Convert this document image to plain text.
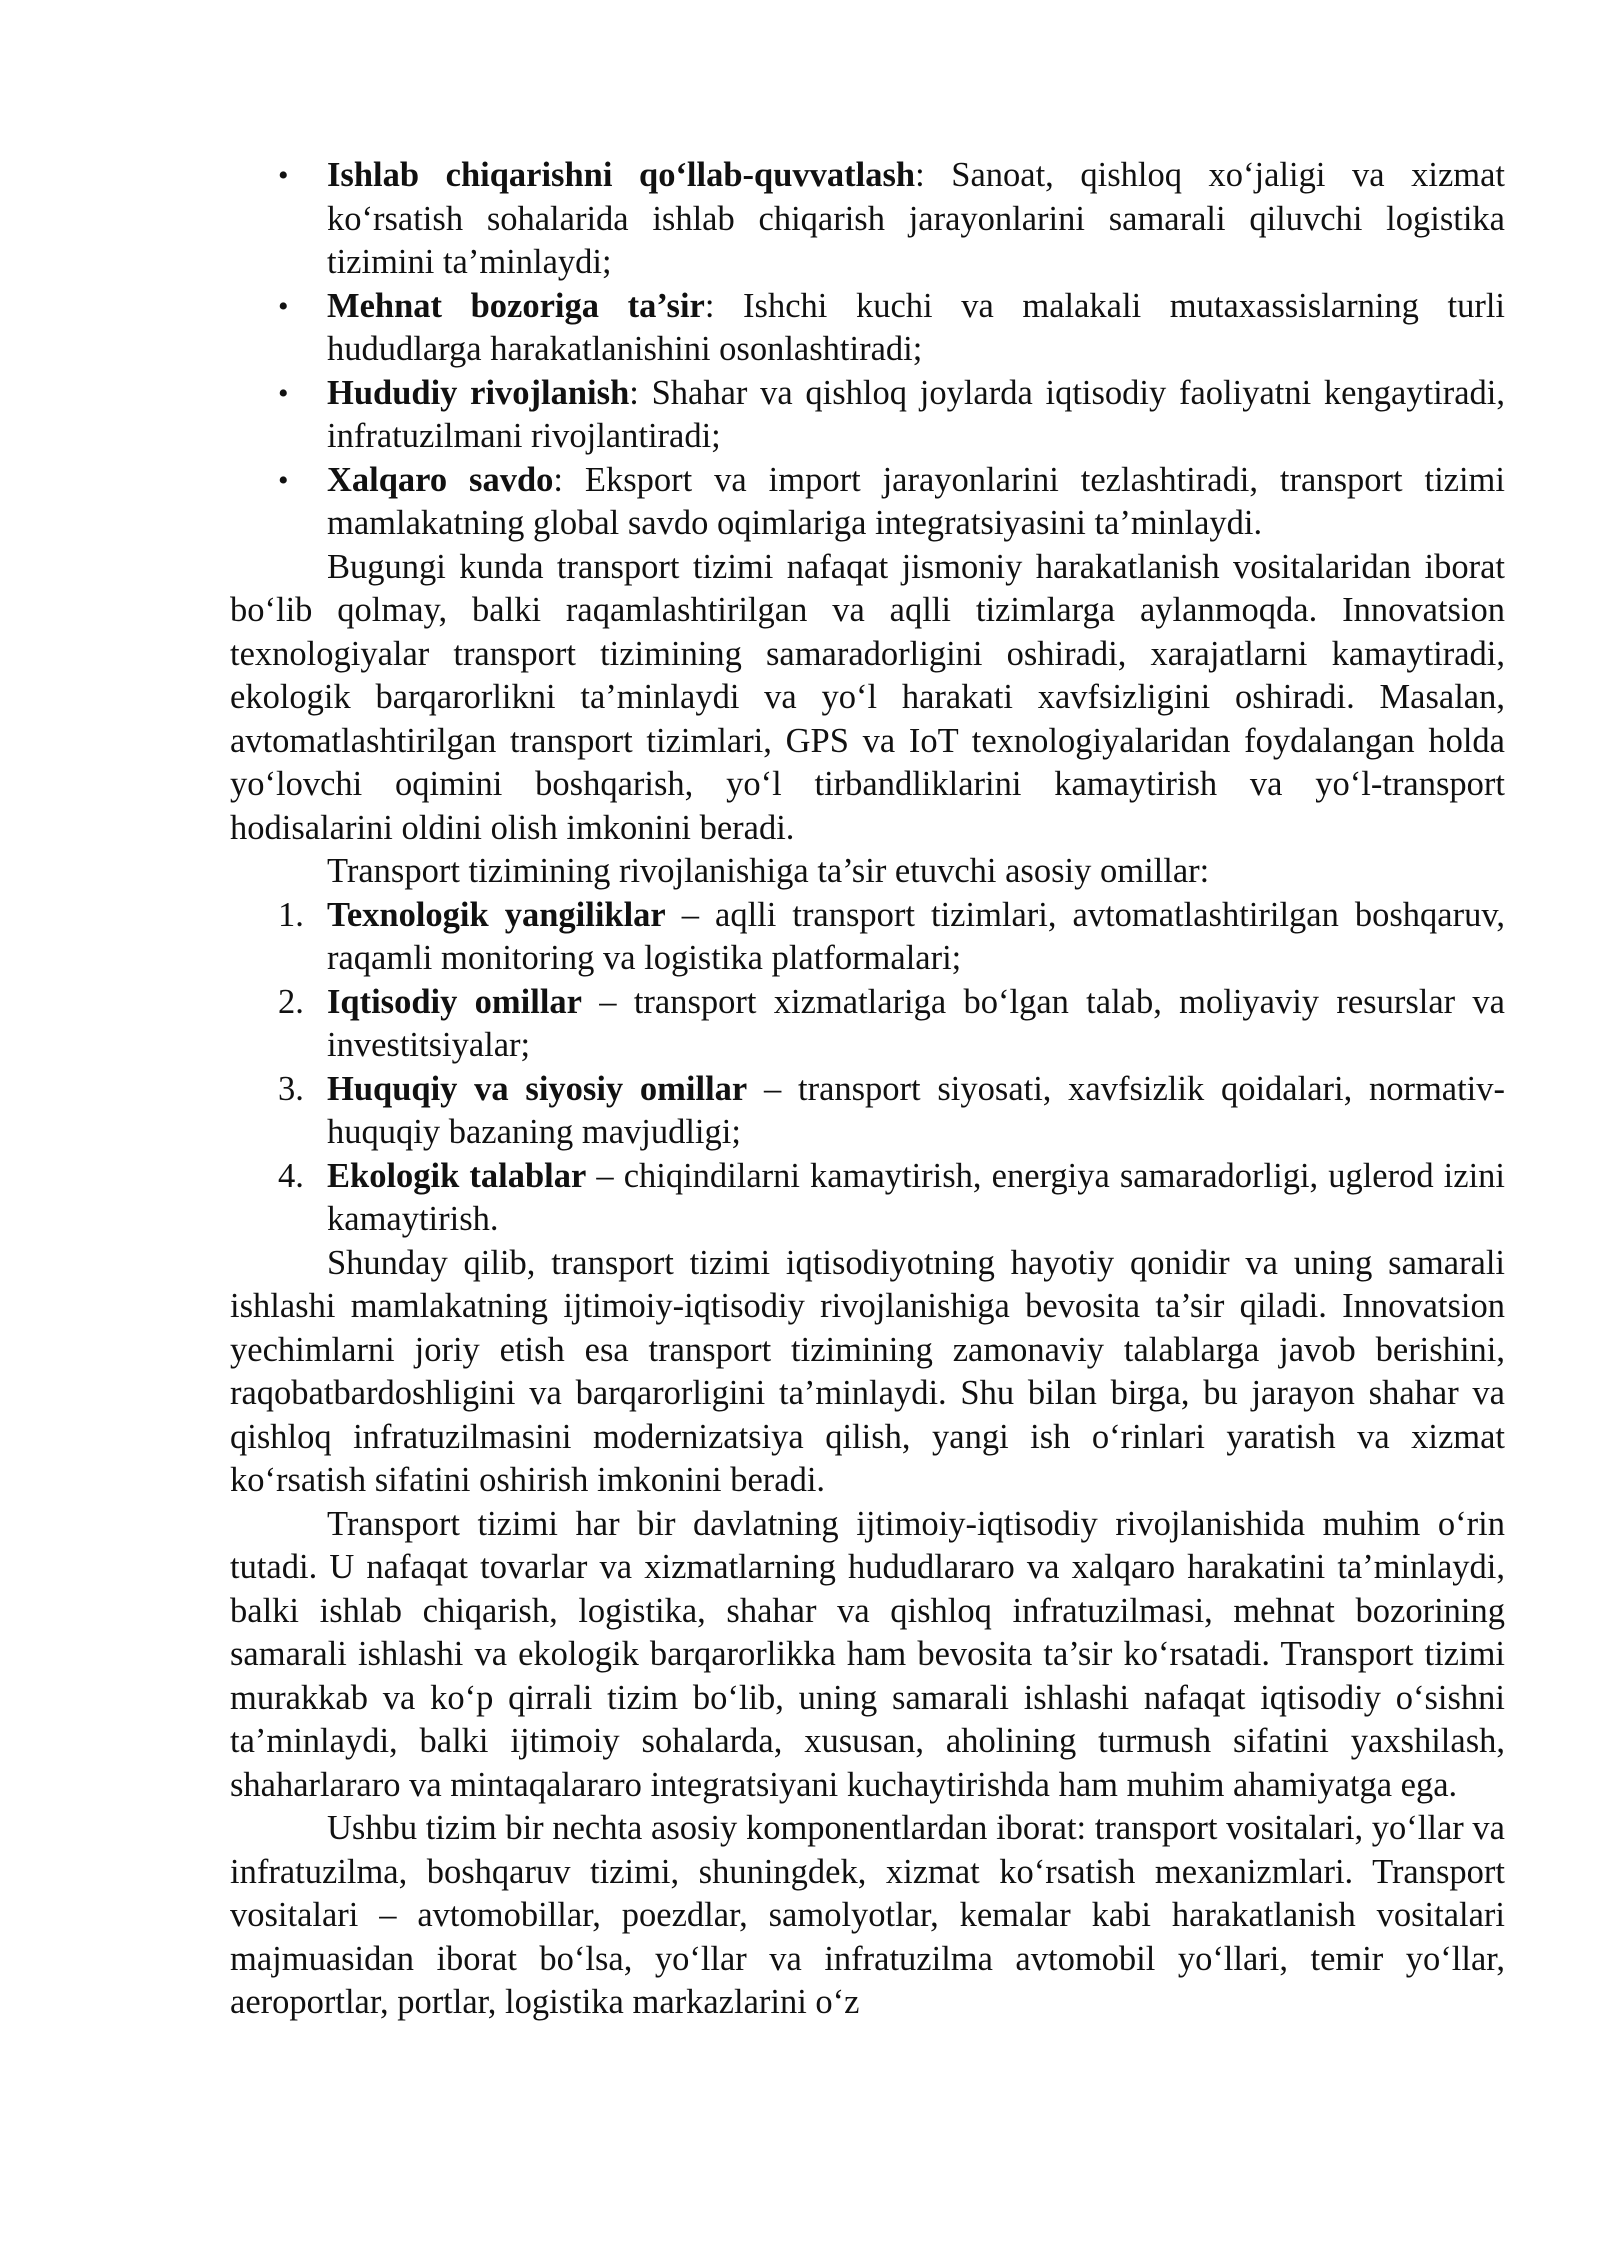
• Ishlab chiqarishni qo‘llab-quvvatlash: Sanoat, qishloq xo‘jaligi va xizmat ko‘rsatish sohalarida ishlab chiqarish jarayonlarini samarali qiluvchi logistika tizimini ta’minlaydi;
• Mehnat bozoriga ta’sir: Ishchi kuchi va malakali mutaxassislarning turli hududlarga harakatlanishini osonlashtiradi;
• Hududiy rivojlanish: Shahar va qishloq joylarda iqtisodiy faoliyatni kengaytiradi, infratuzilmani rivojlantiradi;
• Xalqaro savdo: Eksport va import jarayonlarini tezlashtiradi, transport tizimi mamlakatning global savdo oqimlariga integratsiyasini ta’minlaydi.

Bugungi kunda transport tizimi nafaqat jismoniy harakatlanish vositalaridan iborat bo‘lib qolmay, balki raqamlashtirilgan va aqlli tizimlarga aylanmoqda. Innovatsion texnologiyalar transport tizimining samaradorligini oshiradi, xarajatlarni kamaytiradi, ekologik barqarorlikni ta’minlaydi va yo‘l harakati xavfsizligini oshiradi. Masalan, avtomatlashtirilgan transport tizimlari, GPS va IoT texnologiyalaridan foydalangan holda yo‘lovchi oqimini boshqarish, yo‘l tirbandliklarini kamaytirish va yo‘l-transport hodisalarini oldini olish imkonini beradi.

Transport tizimining rivojlanishiga ta’sir etuvchi asosiy omillar:

1. Texnologik yangiliklar – aqlli transport tizimlari, avtomatlashtirilgan boshqaruv, raqamli monitoring va logistika platformalari;
2. Iqtisodiy omillar – transport xizmatlariga bo‘lgan talab, moliyaviy resurslar va investitsiyalar;
3. Huquqiy va siyosiy omillar – transport siyosati, xavfsizlik qoidalari, normativ-huquqiy bazaning mavjudligi;
4. Ekologik talablar – chiqindilarni kamaytirish, energiya samaradorligi, uglerod izini kamaytirish.

Shunday qilib, transport tizimi iqtisodiyotning hayotiy qonidir va uning samarali ishlashi mamlakatning ijtimoiy-iqtisodiy rivojlanishiga bevosita ta’sir qiladi. Innovatsion yechimlarni joriy etish esa transport tizimining zamonaviy talablarga javob berishini, raqobatbardoshligini va barqarorligini ta’minlaydi. Shu bilan birga, bu jarayon shahar va qishloq infratuzilmasini modernizatsiya qilish, yangi ish o‘rinlari yaratish va xizmat ko‘rsatish sifatini oshirish imkonini beradi.

Transport tizimi har bir davlatning ijtimoiy-iqtisodiy rivojlanishida muhim o‘rin tutadi. U nafaqat tovarlar va xizmatlarning hududlararo va xalqaro harakatini ta’minlaydi, balki ishlab chiqarish, logistika, shahar va qishloq infratuzilmasi, mehnat bozorining samarali ishlashi va ekologik barqarorlikka ham bevosita ta’sir ko‘rsatadi. Transport tizimi murakkab va ko‘p qirrali tizim bo‘lib, uning samarali ishlashi nafaqat iqtisodiy o‘sishni ta’minlaydi, balki ijtimoiy sohalarda, xususan, aholining turmush sifatini yaxshilash, shaharlararo va mintaqalararo integratsiyani kuchaytirishda ham muhim ahamiyatga ega.

Ushbu tizim bir nechta asosiy komponentlardan iborat: transport vositalari, yo‘llar va infratuzilma, boshqaruv tizimi, shuningdek, xizmat ko‘rsatish mexanizmlari. Transport vositalari – avtomobillar, poezdlar, samolyotlar, kemalar kabi harakatlanish vositalari majmuasidan iborat bo‘lsa, yo‘llar va infratuzilma avtomobil yo‘llari, temir yo‘llar, aeroportlar, portlar, logistika markazlarini o‘z
